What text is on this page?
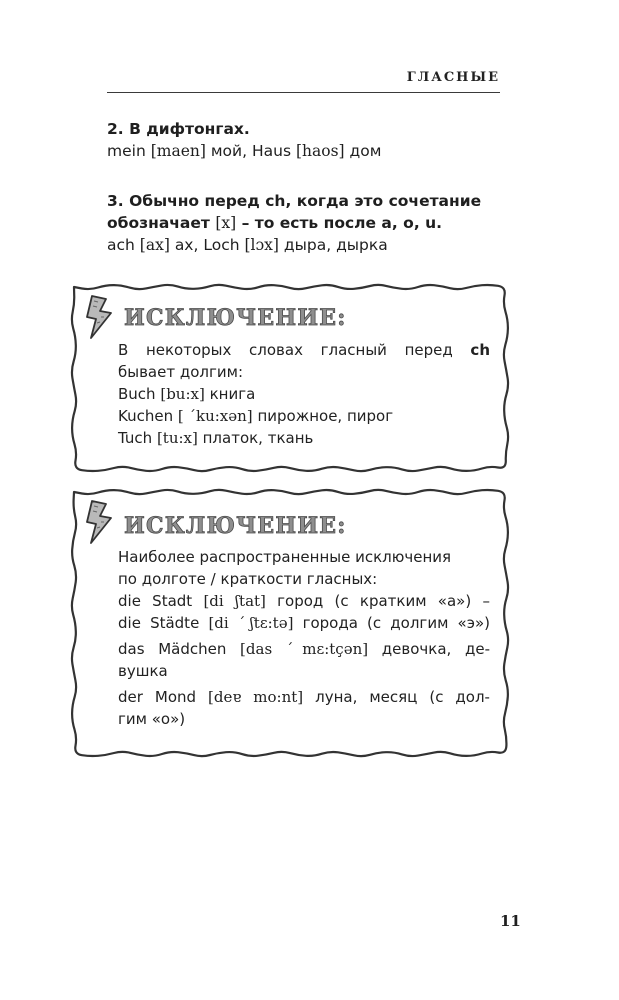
ГЛАСНЫЕ
2. В дифтонгах.
mein [maen] мой, Haus [haos] дом
3. Обычно перед ch, когда это сочетание
обозначает [x] – то есть после a, o, u.
ach [ax] ах, Loch [lɔx] дыра, дырка
ИСКЛЮЧЕНИЕ:
В некоторых словах гласный перед ch
бывает долгим:
Buch [bu:x] книга
Kuchen [ ˊku:xən] пирожное, пирог
Tuch [tu:x] платок, ткань
ИСКЛЮЧЕНИЕ:
Наиболее распространенные исключения
по долготе / краткости гласных:
die Stadt [di ʃtat] город (с кратким «а») –
die Städte [di ˊʃtɛ:tə] города (с долгим «э»)
das Mädchen [das ˊmɛ:tçən] девочка, де-
вушка
der Mond [deɐ mo:nt] луна, месяц (с дол-
гим «о»)
11
